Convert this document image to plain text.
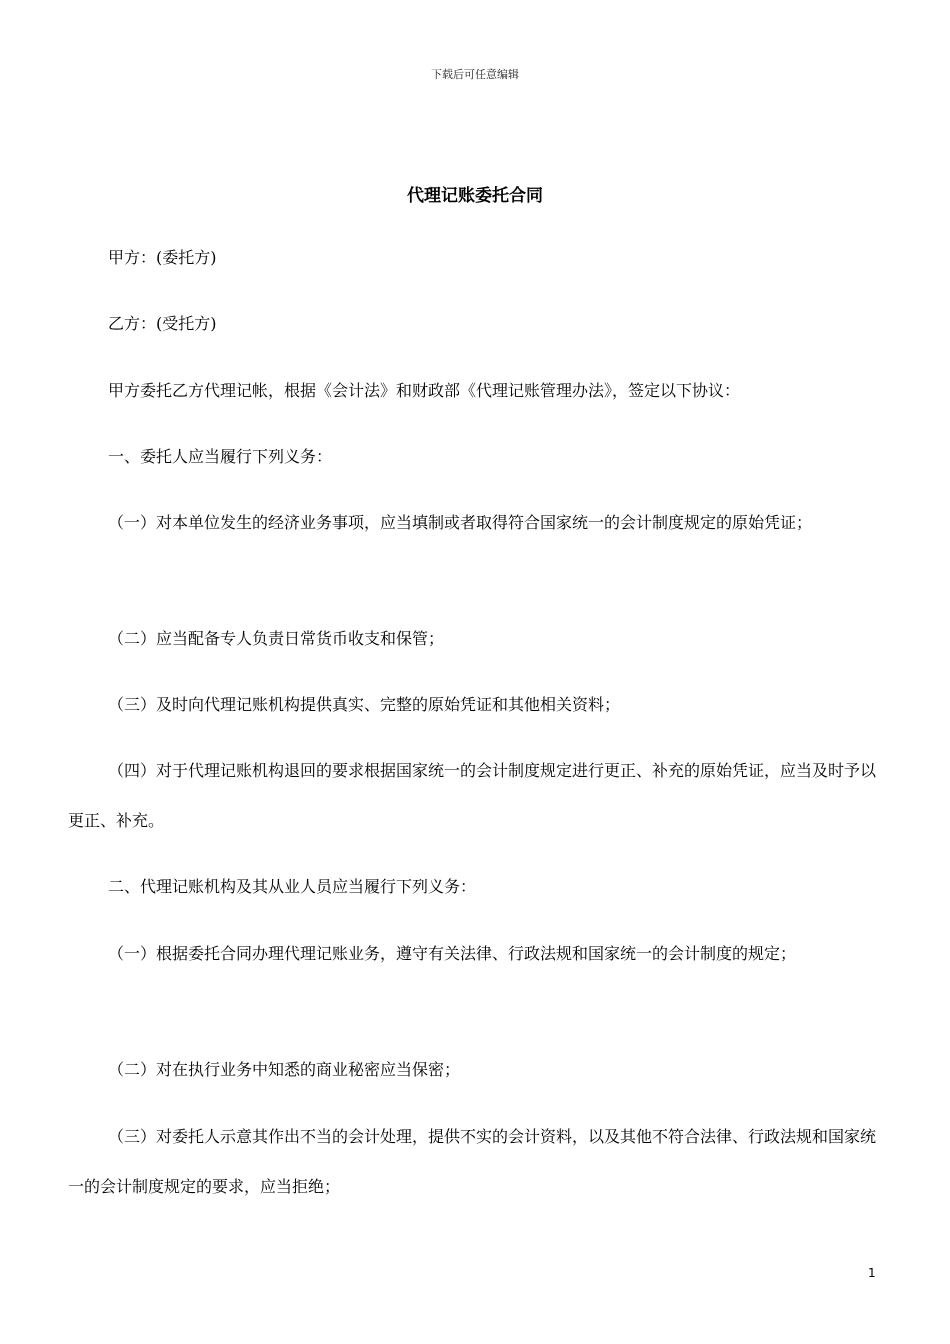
下载后可任意编辑
代理记账委托合同

甲方：(委托方)

乙方：(受托方)

甲方委托乙方代理记帐，根据《会计法》和财政部《代理记账管理办法》，签定以下协议：

一、委托人应当履行下列义务：

（一）对本单位发生的经济业务事项，应当填制或者取得符合国家统一的会计制度规定的原始凭证；

（二）应当配备专人负责日常货币收支和保管；

（三）及时向代理记账机构提供真实、完整的原始凭证和其他相关资料；

（四）对于代理记账机构退回的要求根据国家统一的会计制度规定进行更正、补充的原始凭证，应当及时予以更正、补充。

二、代理记账机构及其从业人员应当履行下列义务：

（一）根据委托合同办理代理记账业务，遵守有关法律、行政法规和国家统一的会计制度的规定；

（二）对在执行业务中知悉的商业秘密应当保密；

（三）对委托人示意其作出不当的会计处理，提供不实的会计资料，以及其他不符合法律、行政法规和国家统一的会计制度规定的要求，应当拒绝；

1
